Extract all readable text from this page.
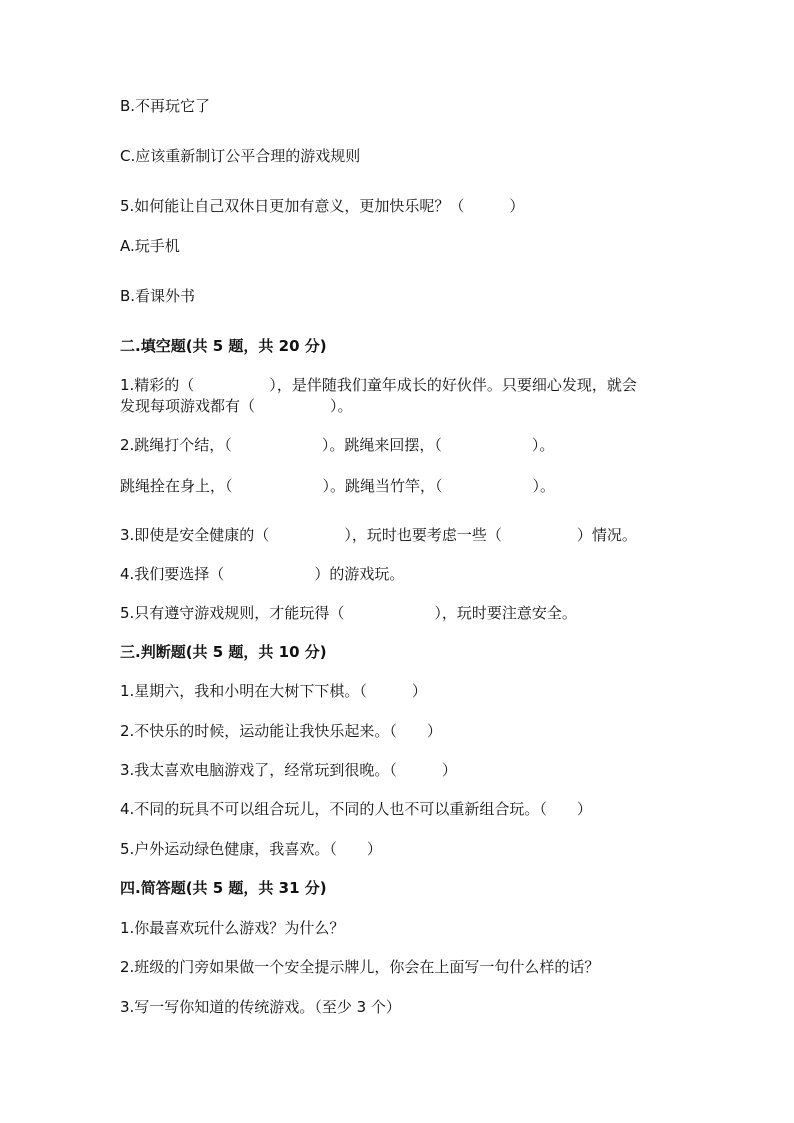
B.不再玩它了
C.应该重新制订公平合理的游戏规则
5.如何能让自己双休日更加有意义，更加快乐呢？（　　　）
A.玩手机
B.看课外书
二.填空题(共 5 题，共 20 分)
1.精彩的（　　　　　），是伴随我们童年成长的好伙伴。只要细心发现，就会
发现每项游戏都有（　　　　　）。
2.跳绳打个结，（　　　　　　）。跳绳来回摆，（　　　　　　）。
跳绳拴在身上，（　　　　　　）。跳绳当竹竿，（　　　　　　）。
3.即使是安全健康的（　　　　　），玩时也要考虑一些（　　　　　）情况。
4.我们要选择（　　　　　　）的游戏玩。
5.只有遵守游戏规则，才能玩得（　　　　　　），玩时要注意安全。
三.判断题(共 5 题，共 10 分)
1.星期六，我和小明在大树下下棋。（　　　）
2.不快乐的时候，运动能让我快乐起来。（　　）
3.我太喜欢电脑游戏了，经常玩到很晚。（　　　）
4.不同的玩具不可以组合玩儿，不同的人也不可以重新组合玩。（　　）
5.户外运动绿色健康，我喜欢。（　　）
四.简答题(共 5 题，共 31 分)
1.你最喜欢玩什么游戏？为什么？
2.班级的门旁如果做一个安全提示牌儿，你会在上面写一句什么样的话？
3.写一写你知道的传统游戏。（至少 3 个）
